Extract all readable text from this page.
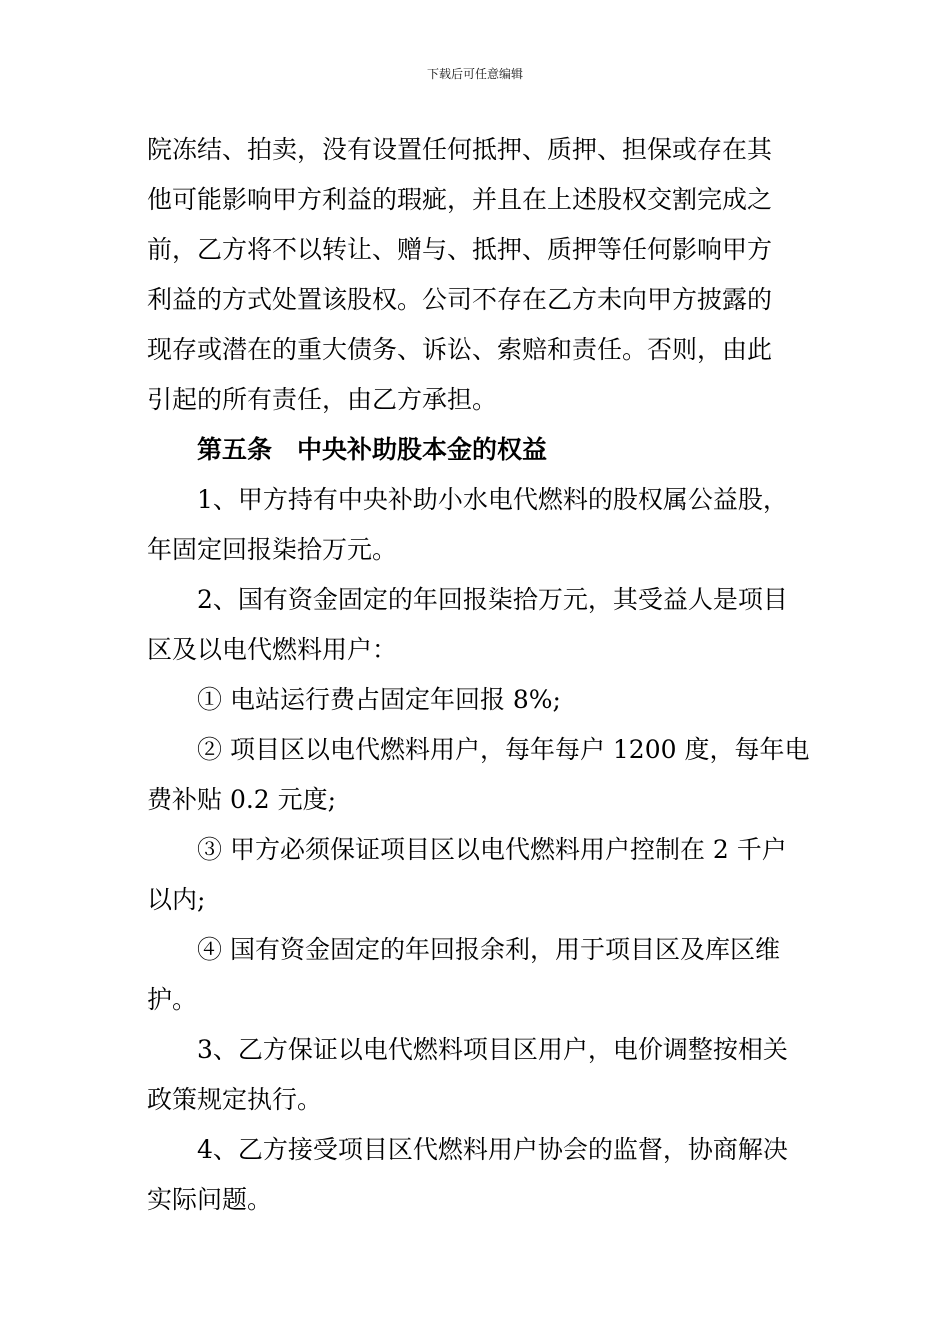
下载后可任意编辑
院冻结、拍卖，没有设置任何抵押、质押、担保或存在其
他可能影响甲方利益的瑕疵，并且在上述股权交割完成之
前，乙方将不以转让、赠与、抵押、质押等任何影响甲方
利益的方式处置该股权。公司不存在乙方未向甲方披露的
现存或潜在的重大债务、诉讼、索赔和责任。否则，由此
引起的所有责任，由乙方承担。
第五条　中央补助股本金的权益
1、甲方持有中央补助小水电代燃料的股权属公益股，
年固定回报柒拾万元。
2、国有资金固定的年回报柒拾万元，其受益人是项目
区及以电代燃料用户：
① 电站运行费占固定年回报 8%;
② 项目区以电代燃料用户，每年每户 1200 度，每年电
费补贴 0.2 元度;
③ 甲方必须保证项目区以电代燃料用户控制在 2 千户
以内;
④ 国有资金固定的年回报余利，用于项目区及库区维
护。
3、乙方保证以电代燃料项目区用户，电价调整按相关
政策规定执行。
4、乙方接受项目区代燃料用户协会的监督，协商解决
实际问题。
